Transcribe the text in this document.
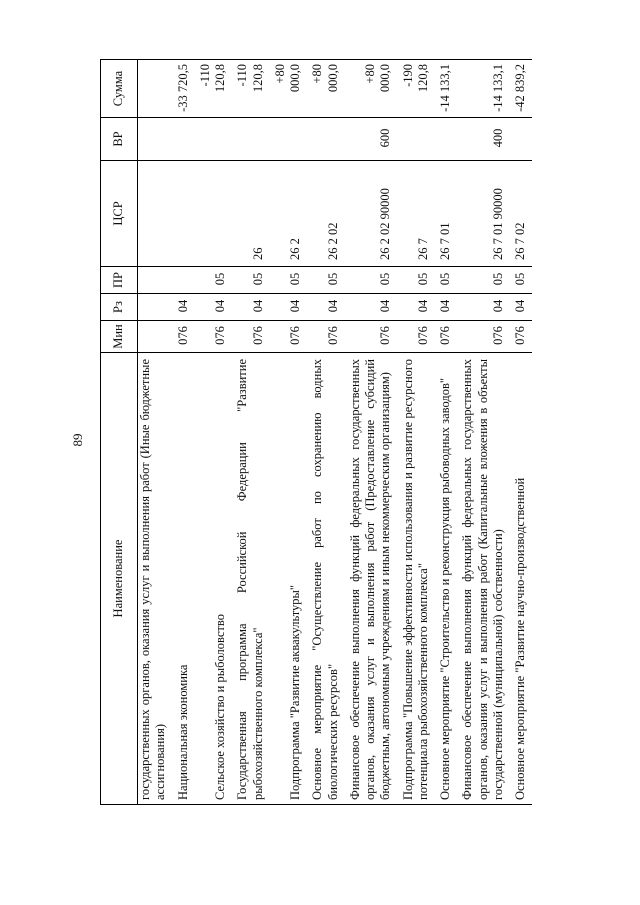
89
Наименование	Мин	Рз	ПР	ЦСР	ВР	Сумма
государственных органов, оказания услуг и выполнения работ (Иные бюджетные ассигнования)						
Национальная экономика	076	04				-33 720,5
Сельское хозяйство и рыболовство	076	04	05			-110 120,8
Государственная программа Российской Федерации "Развитие рыбохозяйственного комплекса"	076	04	05	26		-110 120,8
Подпрограмма "Развитие аквакультуры"	076	04	05	26 2		+80 000,0
Основное мероприятие "Осуществление работ по сохранению водных биологических ресурсов"	076	04	05	26 2 02		+80 000,0
Финансовое обеспечение выполнения функций федеральных государственных органов, оказания услуг и выполнения работ (Предоставление субсидий бюджетным, автономным учреждениям и иным некоммерческим организациям)	076	04	05	26 2 02 90000	600	+80 000,0
Подпрограмма "Повышение эффективности использования и развитие ресурсного потенциала рыбохозяйственного комплекса"	076	04	05	26 7		-190 120,8
Основное мероприятие "Строительство и реконструкция рыбоводных заводов"	076	04	05	26 7 01		-14 133,1
Финансовое обеспечение выполнения функций федеральных государственных органов, оказания услуг и выполнения работ (Капитальные вложения в объекты государственной (муниципальной) собственности)	076	04	05	26 7 01 90000	400	-14 133,1
Основное мероприятие "Развитие научно-производственной	076	04	05	26 7 02		-42 839,2
